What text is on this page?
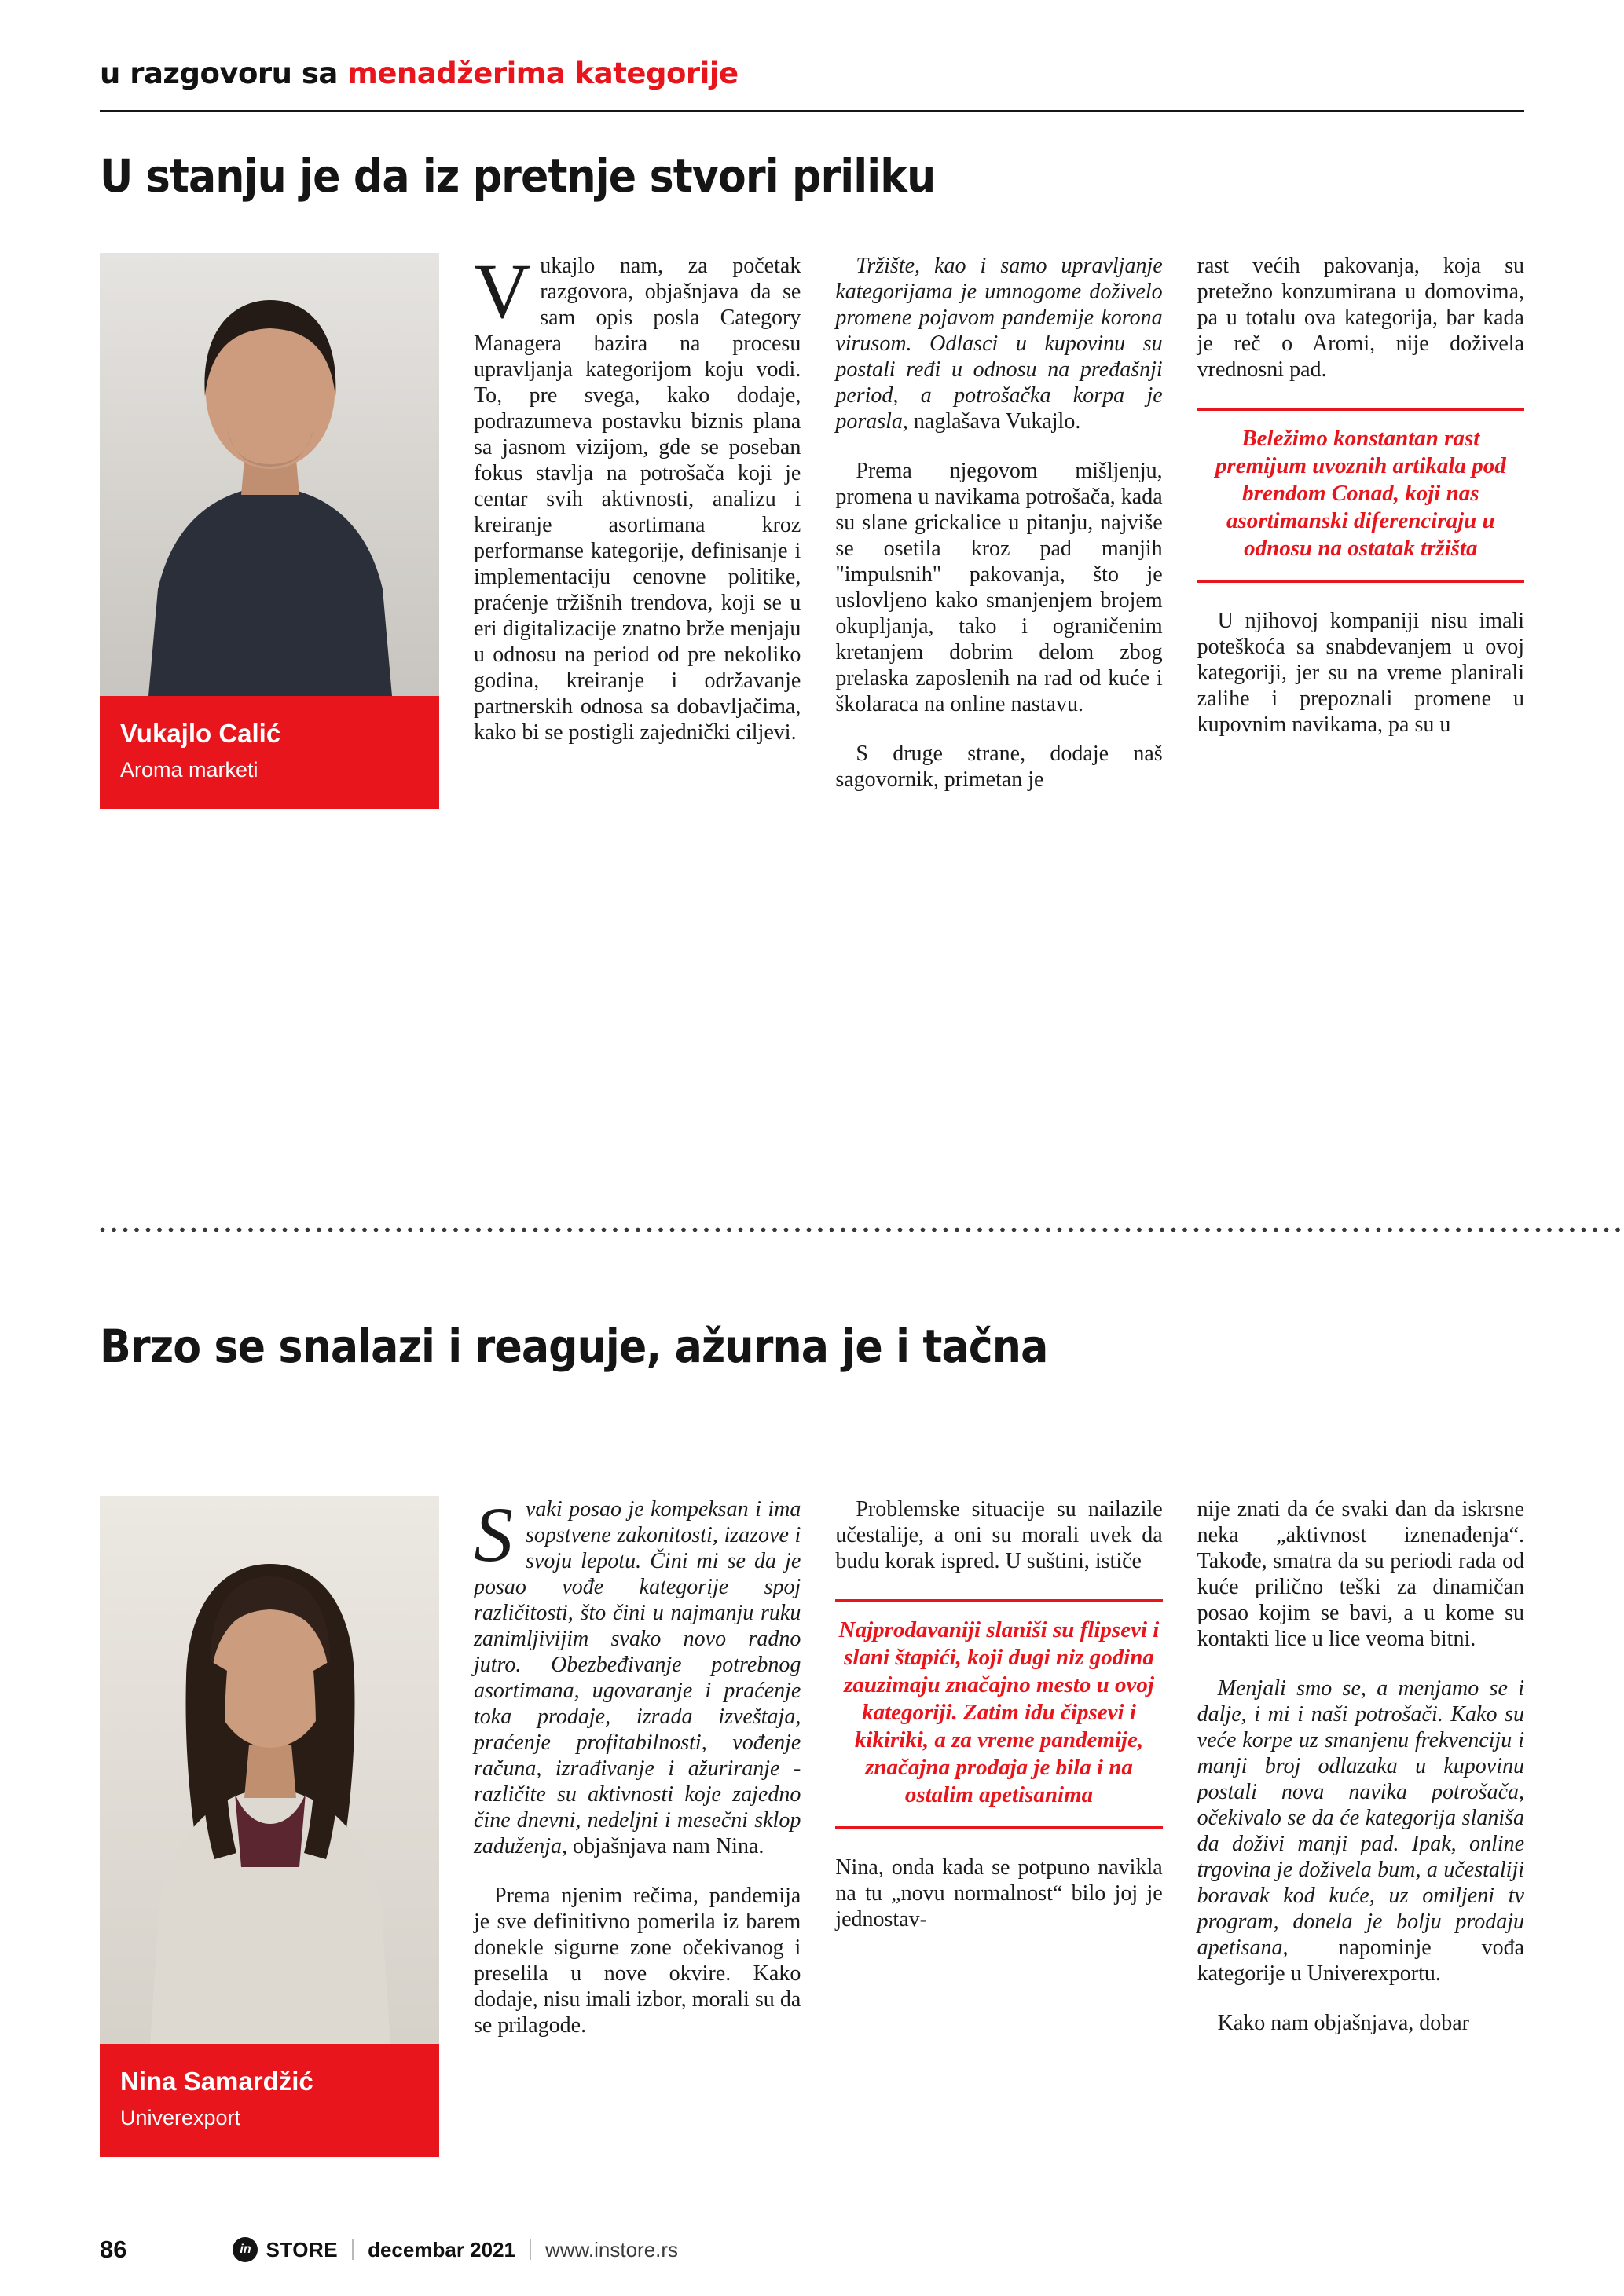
u razgovoru sa menadžerima kategorije
U stanju je da iz pretnje stvori priliku
Vukajlo Calić
Aroma marketi

Vukajlo nam, za početak razgovora, objašnjava da se sam opis posla Category Managera bazira na procesu upravljanja kategorijom koju vodi. To, pre svega, kako dodaje, podrazumeva postavku biznis plana sa jasnom vizijom, gde se poseban fokus stavlja na potrošača koji je centar svih aktivnosti, analizu i kreiranje asortimana kroz performanse kategorije, definisanje i implementaciju cenovne politike, praćenje tržišnih trendova, koji se u eri digitalizacije znatno brže menjaju u odnosu na period od pre nekoliko godina, kreiranje i održavanje partnerskih odnosa sa dobavljačima, kako bi se postigli zajednički ciljevi.

Tržište, kao i samo upravljanje kategorijama je umnogome doživelo promene pojavom pandemije korona virusom. Odlasci u kupovinu su postali ređi u odnosu na pređašnji period, a potrošačka korpa je porasla, naglašava Vukajlo.

Prema njegovom mišljenju, promena u navikama potrošača, kada su slane grickalice u pitanju, najviše se osetila kroz pad manjih "impulsnih" pakovanja, što je uslovljeno kako smanjenjem brojem okupljanja, tako i ograničenim kretanjem dobrim delom zbog prelaska zaposlenih na rad od kuće i školaraca na online nastavu.

S druge strane, dodaje naš sagovornik, primetan je

rast većih pakovanja, koja su pretežno konzumirana u domovima, pa u totalu ova kategorija, bar kada je reč o Aromi, nije doživela vrednosni pad.

Beležimo konstantan rast premijum uvoznih artikala pod brendom Conad, koji nas asortimanski diferenciraju u odnosu na ostatak tržišta

U njihovoj kompaniji nisu imali poteškoća sa snabdevanjem u ovoj kategoriji, jer su na vreme planirali zalihe i prepoznali promene u kupovnim navikama, pa su u

Brzo se snalazi i reaguje, ažurna je i tačna
Nina Samardžić
Univerexport

Svaki posao je kompeksan i ima sopstvene zakonitosti, izazove i svoju lepotu. Čini mi se da je posao vođe kategorije spoj različitosti, što čini u najmanju ruku zanimljivijim svako novo radno jutro. Obezbeđivanje potrebnog asortimana, ugovaranje i praćenje toka prodaje, izrada izveštaja, praćenje profitabilnosti, vođenje računa, izrađivanje i ažuriranje - različite su aktivnosti koje zajedno čine dnevni, nedeljni i mesečni sklop zaduženja, objašnjava nam Nina.

Prema njenim rečima, pandemija je sve definitivno pomerila iz barem donekle sigurne zone očekivanog i preselila u nove okvire. Kako dodaje, nisu imali izbor, morali su da se prilagode.

Problemske situacije su nailazile učestalije, a oni su morali uvek da budu korak ispred. U suštini, ističe

Najprodavaniji slaniši su flipsevi i slani štapići, koji dugi niz godina zauzimaju značajno mesto u ovoj kategoriji. Zatim idu čipsevi i kikiriki, a za vreme pandemije, značajna prodaja je bila i na ostalim apetisanima

Nina, onda kada se potpuno navikla na tu „novu normalnost“ bilo joj je jednostav-

nije znati da će svaki dan da iskrsne neka „aktivnost iznenađenja“. Takođe, smatra da su periodi rada od kuće prilično teški za dinamičan posao kojim se bavi, a u kome su kontakti lice u lice veoma bitni.

Menjali smo se, a menjamo se i dalje, i mi i naši potrošači. Kako su veće korpe uz smanjenu frekvenciju i manji broj odlazaka u kupovinu postali nova navika potrošača, očekivalo se da će kategorija slaniša da doživi manji pad. Ipak, online trgovina je doživela bum, a učestaliji boravak kod kuće, uz omiljeni tv program, donela je bolju prodaju apetisana, napominje vođa kategorije u Univerexportu.

Kako nam objašnjava, dobar

86	in STORE decembar 2021 www.instore.rs
